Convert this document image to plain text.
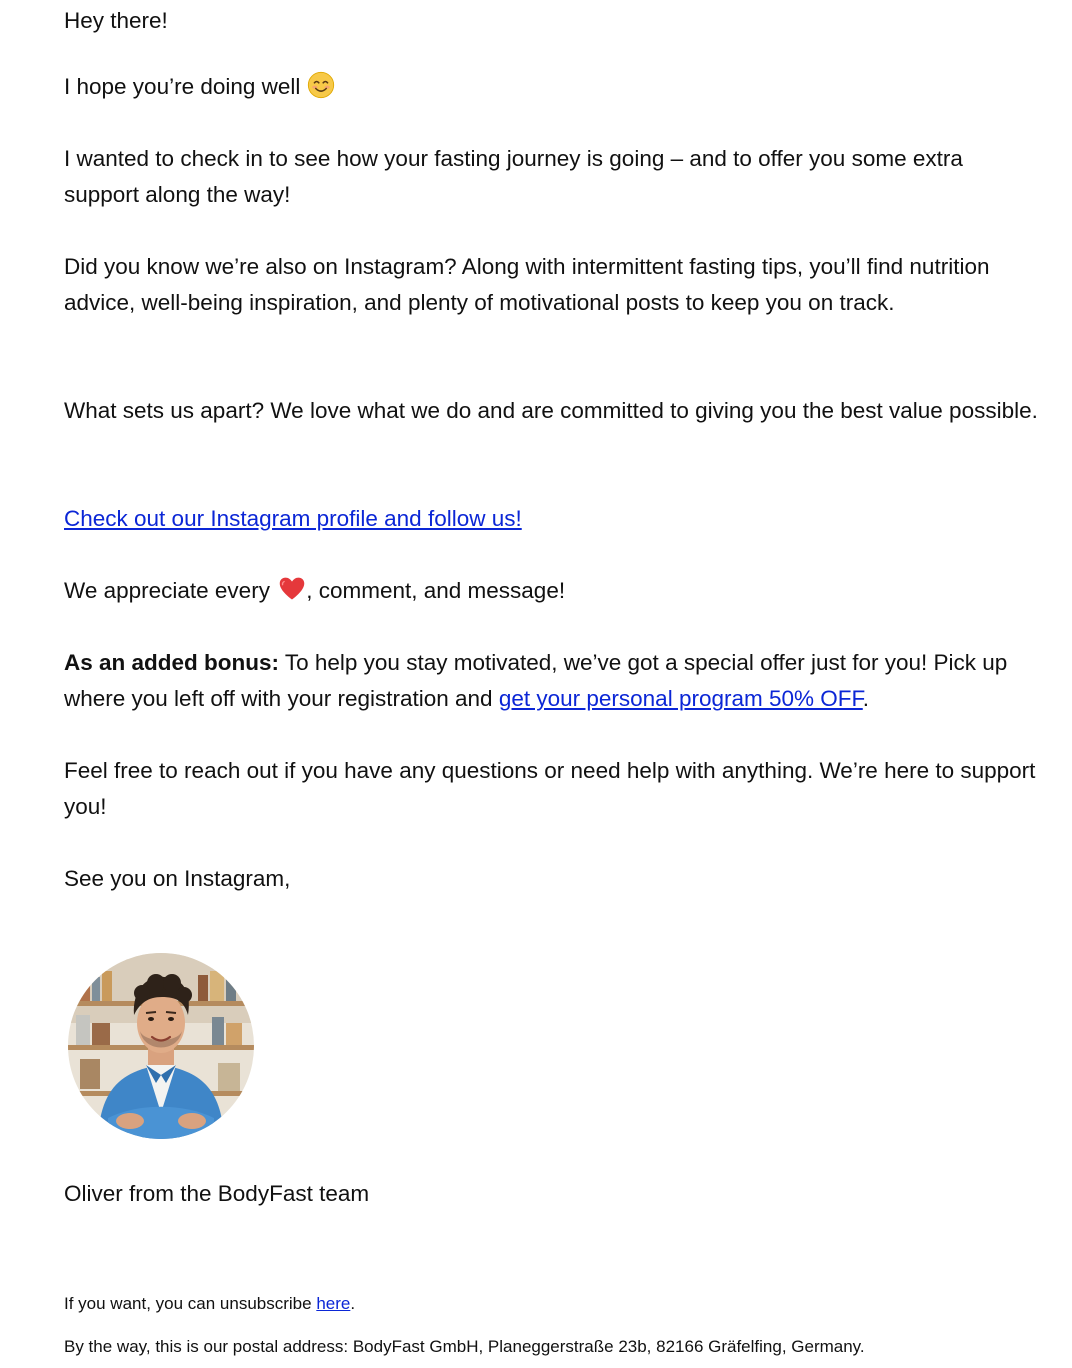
Hey there!

I hope you’re doing well

I wanted to check in to see how your fasting journey is going – and to offer you some extra support along the way!

Did you know we’re also on Instagram? Along with intermittent fasting tips, you’ll find nutrition advice, well-being inspiration, and plenty of motivational posts to keep you on track.

What sets us apart? We love what we do and are committed to giving you the best value possible.

Check out our Instagram profile and follow us!

We appreciate every , comment, and message!

As an added bonus: To help you stay motivated, we’ve got a special offer just for you! Pick up where you left off with your registration and get your personal program 50% OFF.

Feel free to reach out if you have any questions or need help with anything. We’re here to support you!

See you on Instagram,

Oliver from the BodyFast team

If you want, you can unsubscribe here.

By the way, this is our postal address: BodyFast GmbH, Planeggerstraße 23b, 82166 Gräfelfing, Germany.
